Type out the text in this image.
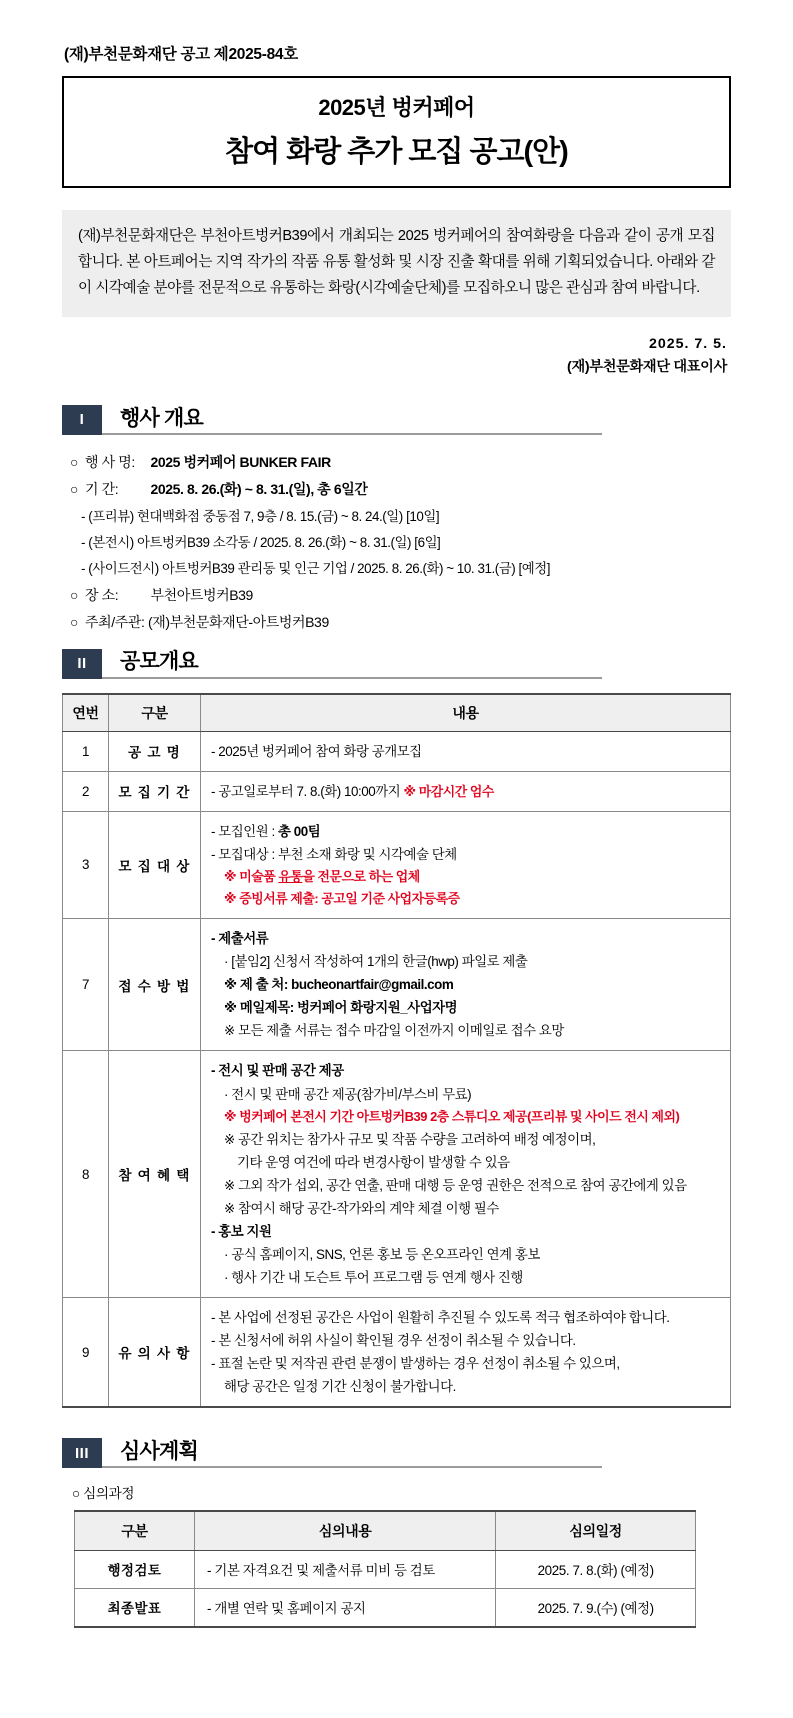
(재)부천문화재단 공고 제2025-84호
2025년 벙커페어
참여 화랑 추가 모집 공고(안)
(재)부천문화재단은 부천아트벙커B39에서 개최되는 2025 벙커페어의 참여화랑을 다음과 같이 공개 모집합니다. 본 아트페어는 지역 작가의 작품 유통 활성화 및 시장 진출 확대를 위해 기획되었습니다. 아래와 같이 시각예술 분야를 전문적으로 유통하는 화랑(시각예술단체)를 모집하오니 많은 관심과 참여 바랍니다.
2025. 7. 5.
(재)부천문화재단 대표이사
I	행사 개요
○ 행 사 명: 2025 벙커페어 BUNKER FAIR
○ 기 간: 2025. 8. 26.(화) ~ 8. 31.(일), 총 6일간
- (프리뷰) 현대백화점 중동점 7, 9층 / 8. 15.(금) ~ 8. 24.(일) [10일]
- (본전시) 아트벙커B39 소각동 / 2025. 8. 26.(화) ~ 8. 31.(일) [6일]
- (사이드전시) 아트벙커B39 관리동 및 인근 기업 / 2025. 8. 26.(화) ~ 10. 31.(금) [예정]
○ 장 소: 부천아트벙커B39
○ 주최/주관: (재)부천문화재단-아트벙커B39
II	공모개요
연번	구분	내용
1	공 고 명	- 2025년 벙커페어 참여 화랑 공개모집

2	모 집 기 간	- 공고일로부터 7. 8.(화) 10:00까지 ※ 마감시간 엄수

3	모 집 대 상	- 모집인원 : 총 00팀
- 모집대상 : 부천 소재 화랑 및 시각예술 단체
※ 미술품 유통을 전문으로 하는 업체
※ 증빙서류 제출: 공고일 기준 사업자등록증

7	접 수 방 법	- 제출서류
· [붙임2] 신청서 작성하여 1개의 한글(hwp) 파일로 제출
※ 제 출 처: bucheonartfair@gmail.com
※ 메일제목: 벙커페어 화랑지원_사업자명
※ 모든 제출 서류는 접수 마감일 이전까지 이메일로 접수 요망

8	참 여 혜 택	
- 전시 및 판매 공간 제공
· 전시 및 판매 공간 제공(참가비/부스비 무료)
※ 벙커페어 본전시 기간 아트벙커B39 2층 스튜디오 제공(프리뷰 및 사이드 전시 제외)
※ 공간 위치는 참가사 규모 및 작품 수량을 고려하여 배정 예정이며,
기타 운영 여건에 따라 변경사항이 발생할 수 있음
※ 그외 작가 섭외, 공간 연출, 판매 대행 등 운영 권한은 전적으로 참여 공간에게 있음
※ 참여시 해당 공간-작가와의 계약 체결 이행 필수
- 홍보 지원
· 공식 홈페이지, SNS, 언론 홍보 등 온오프라인 연계 홍보
· 행사 기간 내 도슨트 투어 프로그램 등 연계 행사 진행

9	유 의 사 항	- 본 사업에 선정된 공간은 사업이 원활히 추진될 수 있도록 적극 협조하여야 합니다.
- 본 신청서에 허위 사실이 확인될 경우 선정이 취소될 수 있습니다.
- 표절 논란 및 저작권 관련 분쟁이 발생하는 경우 선정이 취소될 수 있으며,
해당 공간은 일정 기간 신청이 불가합니다.
III	심사계획
○ 심의과정
구분	심의내용	심의일정
행정검토	- 기본 자격요건 및 제출서류 미비 등 검토	2025. 7. 8.(화) (예정)
최종발표	- 개별 연락 및 홈페이지 공지	2025. 7. 9.(수) (예정)
